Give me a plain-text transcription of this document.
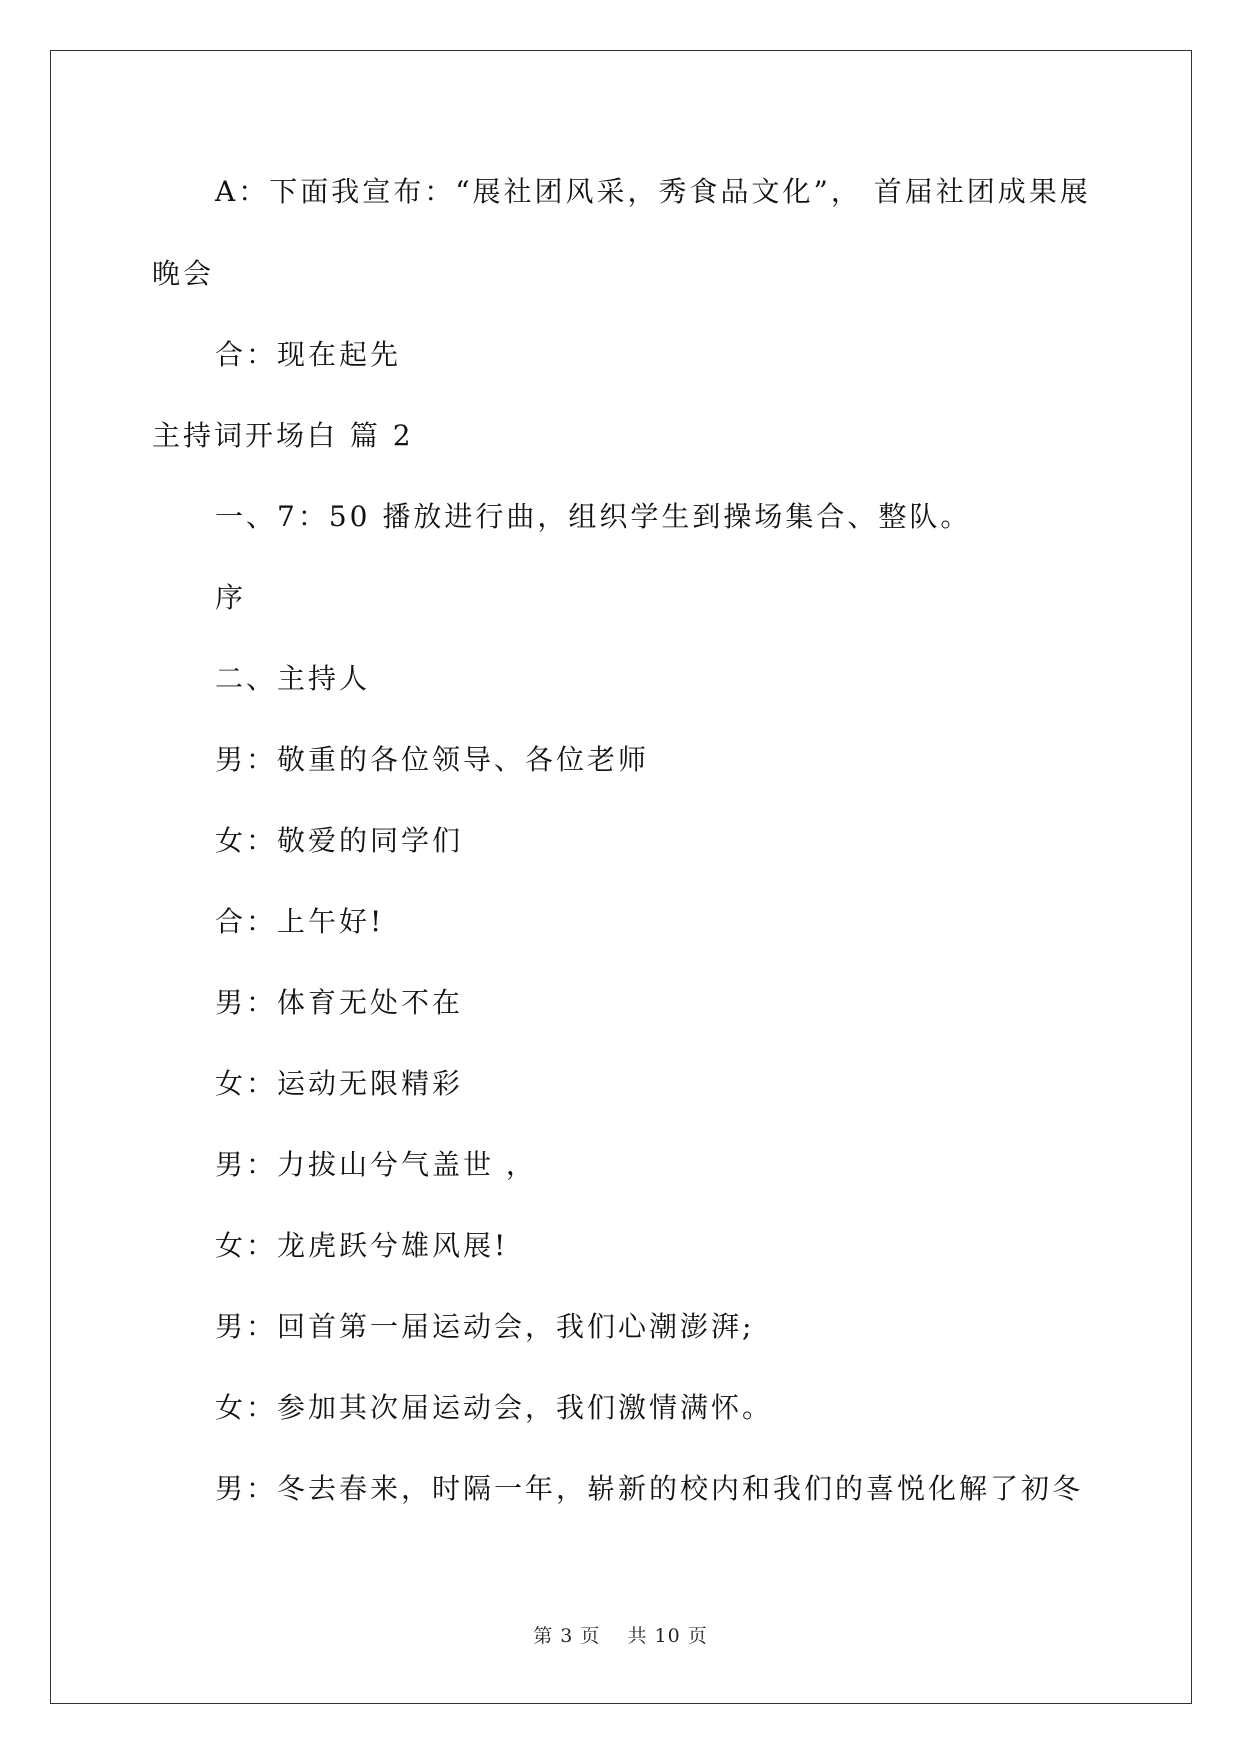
A：下面我宣布：“展社团风采，秀食品文化”， 首届社团成果展
晚会
合：现在起先
主持词开场白 篇 2
一、7：50 播放进行曲，组织学生到操场集合、整队。
序
二、主持人
男：敬重的各位领导、各位老师
女：敬爱的同学们
合：上午好!
男：体育无处不在
女：运动无限精彩
男：力拔山兮气盖世 ，
女：龙虎跃兮雄风展!
男：回首第一届运动会，我们心潮澎湃;
女：参加其次届运动会，我们激情满怀。
男：冬去春来，时隔一年，崭新的校内和我们的喜悦化解了初冬
第 3 页　 共 10 页
